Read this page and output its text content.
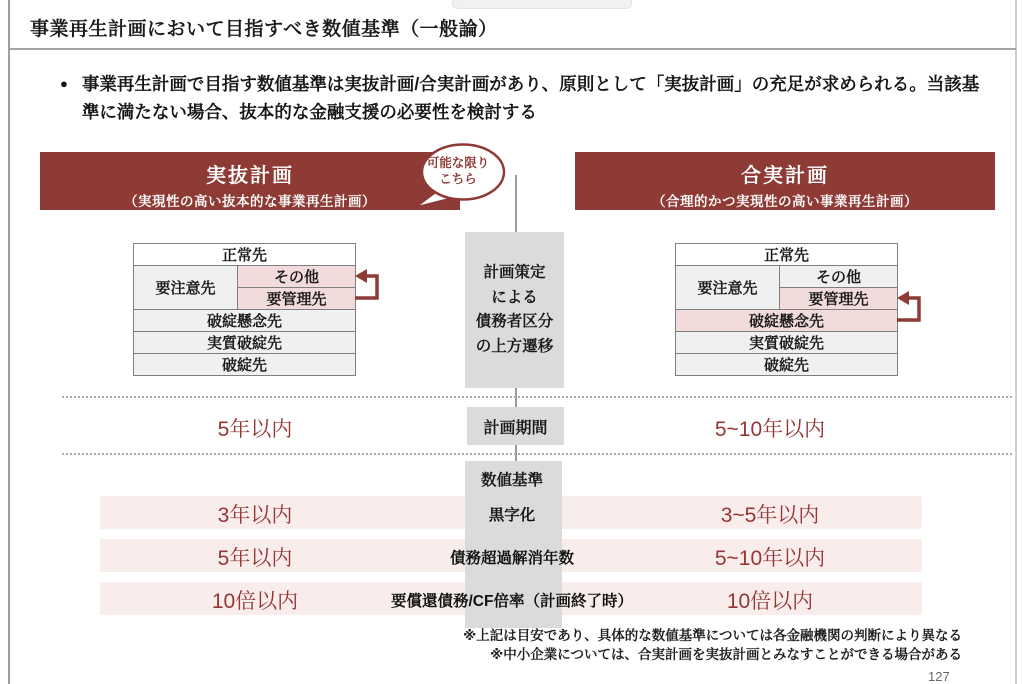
事業再生計画において目指すべき数値基準（一般論）
● 事業再生計画で目指す数値基準は実抜計画/合実計画があり、原則として「実抜計画」の充足が求められる。当該基準に満たない場合、抜本的な金融支援の必要性を検討する
実抜計画
（実現性の高い抜本的な事業再生計画）
合実計画
（合理的かつ実現性の高い事業再生計画）
可能な限り
こちら
計画策定
による
債務者区分
の上方遷移
正常先
要注意先	その他
要管理先
破綻懸念先
実質破綻先
破綻先
正常先
要注意先	その他
要管理先
破綻懸念先
実質破綻先
破綻先
5年以内	計画期間	5~10年以内
数値基準
3年以内	黒字化	3~5年以内
5年以内	債務超過解消年数	5~10年以内
10倍以内	要償還債務/CF倍率（計画終了時）	10倍以内
※上記は目安であり、具体的な数値基準については各金融機関の判断により異なる
※中小企業については、合実計画を実抜計画とみなすことができる場合がある
127
